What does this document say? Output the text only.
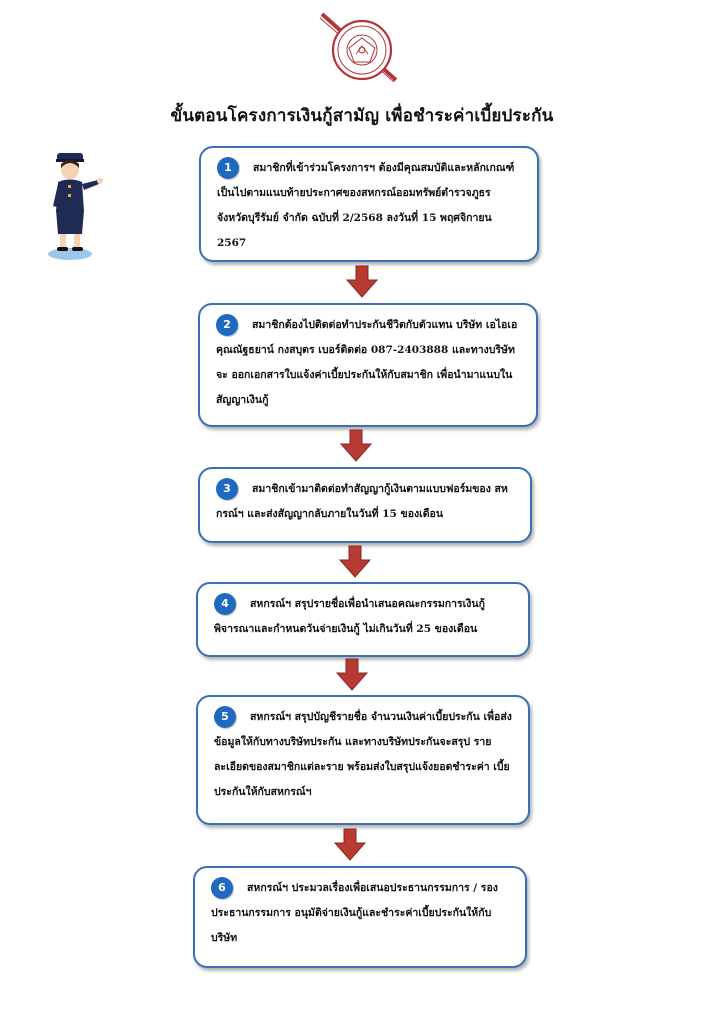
ขั้นตอนโครงการเงินกู้สามัญ เพื่อชำระค่าเบี้ยประกัน
1 สมาชิกที่เข้าร่วมโครงการฯ ต้องมีคุณสมบัติและหลักเกณฑ์ เป็นไปตามแนบท้ายประกาศของสหกรณ์ออมทรัพย์ตำรวจภูธร จังหวัดบุรีรัมย์ จำกัด ฉบับที่ 2/2568 ลงวันที่ 15 พฤศจิกายน 2567
2 สมาชิกต้องไปติดต่อทำประกันชีวิตกับตัวแทน บริษัท เอไอเอ คุณณัฐธยาน์ กงสบุตร เบอร์ติดต่อ 087-2403888 และทางบริษัทจะ ออกเอกสารใบแจ้งค่าเบี้ยประกันให้กับสมาชิก เพื่อนำมาแนบใน สัญญาเงินกู้
3 สมาชิกเข้ามาติดต่อทำสัญญากู้เงินตามแบบฟอร์มของ สหกรณ์ฯ และส่งสัญญากลับภายในวันที่ 15 ของเดือน
4 สหกรณ์ฯ สรุปรายชื่อเพื่อนำเสนอคณะกรรมการเงินกู้ พิจารณาและกำหนดวันจ่ายเงินกู้ ไม่เกินวันที่ 25 ของเดือน
5 สหกรณ์ฯ สรุปบัญชีรายชื่อ จำนวนเงินค่าเบี้ยประกัน เพื่อส่ง ข้อมูลให้กับทางบริษัทประกัน และทางบริษัทประกันจะสรุป รายละเอียดของสมาชิกแต่ละราย พร้อมส่งใบสรุปแจ้งยอดชำระค่า เบี้ยประกันให้กับสหกรณ์ฯ
6 สหกรณ์ฯ ประมวลเรื่องเพื่อเสนอประธานกรรมการ / รอง ประธานกรรมการ อนุมัติจ่ายเงินกู้และชำระค่าเบี้ยประกันให้กับ บริษัท
